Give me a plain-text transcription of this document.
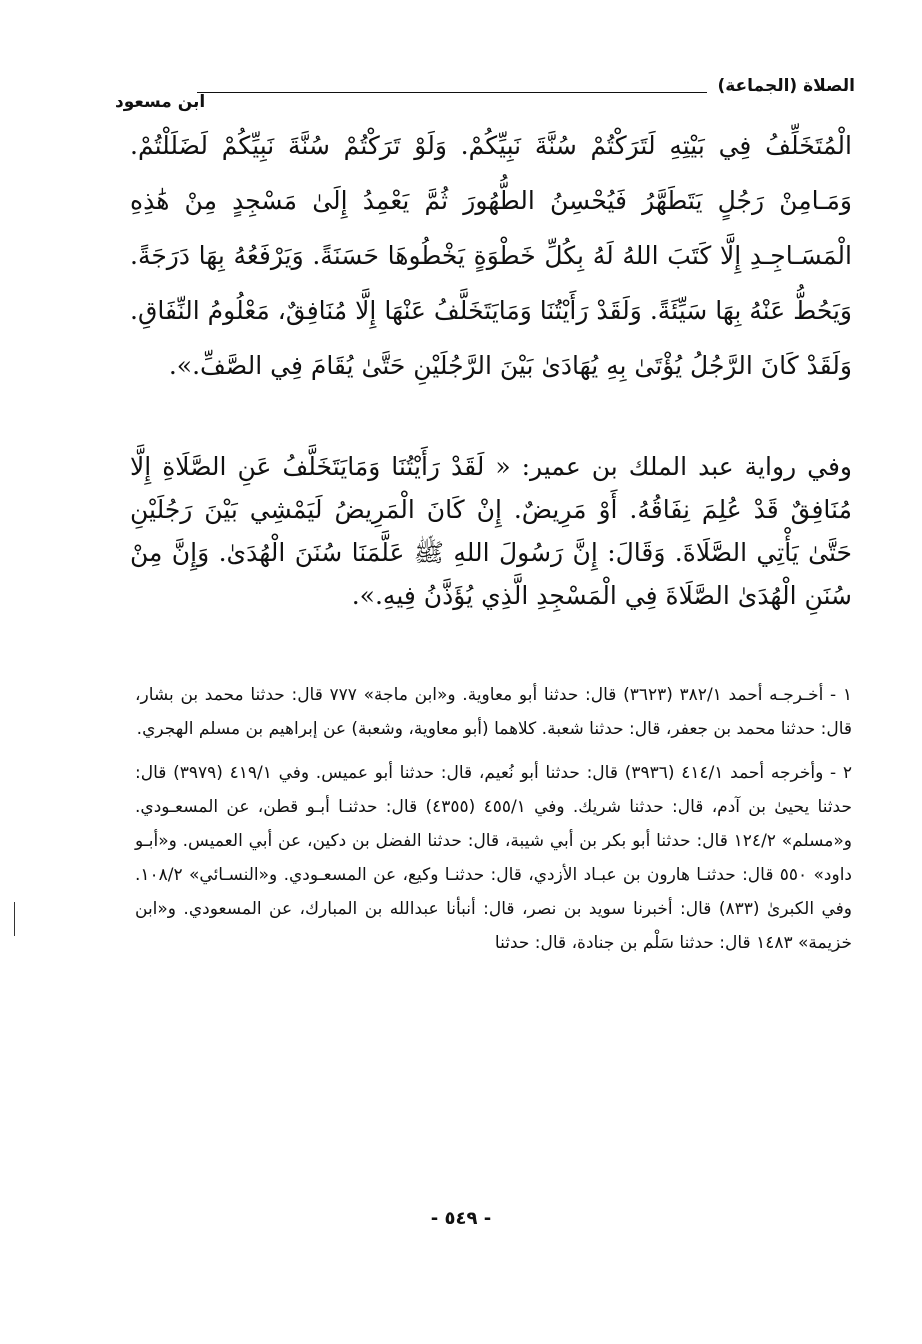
الصلاة (الجماعة)
ابن مسعود

الْمُتَخَلِّفُ فِي بَيْتِهِ لَتَرَكْتُمْ سُنَّةَ نَبِيِّكُمْ. وَلَوْ تَرَكْتُمْ سُنَّةَ نَبِيِّكُمْ لَضَلَلْتُمْ. وَمَـامِنْ رَجُلٍ يَتَطَهَّرُ فَيُحْسِنُ الطُّهُورَ ثُمَّ يَعْمِدُ إِلَىٰ مَسْجِدٍ مِنْ هَٰذِهِ الْمَسَـاجِـدِ إِلَّا كَتَبَ اللهُ لَهُ بِكُلِّ خَطْوَةٍ يَخْطُوهَا حَسَنَةً. وَيَرْفَعُهُ بِهَا دَرَجَةً. وَيَحُطُّ عَنْهُ بِهَا سَيِّئَةً. وَلَقَدْ رَأَيْتُنَا وَمَايَتَخَلَّفُ عَنْهَا إِلَّا مُنَافِقٌ، مَعْلُومُ النِّفَاقِ. وَلَقَدْ كَانَ الرَّجُلُ يُؤْتَىٰ بِهِ يُهَادَىٰ بَيْنَ الرَّجُلَيْنِ حَتَّىٰ يُقَامَ فِي الصَّفِّ.».

وفي رواية عبد الملك بن عمير: « لَقَدْ رَأَيْتُنَا وَمَايَتَخَلَّفُ عَنِ الصَّلَاةِ إِلَّا مُنَافِقٌ قَدْ عُلِمَ نِفَاقُهُ. أَوْ مَرِيضٌ. إِنْ كَانَ الْمَرِيضُ لَيَمْشِي بَيْنَ رَجُلَيْنِ حَتَّىٰ يَأْتِي الصَّلَاةَ. وَقَالَ: إِنَّ رَسُولَ اللهِ ﷺ عَلَّمَنَا سُنَنَ الْهُدَىٰ. وَإِنَّ مِنْ سُنَنِ الْهُدَىٰ الصَّلَاةَ فِي الْمَسْجِدِ الَّذِي يُؤَذَّنُ فِيهِ.».

١ - أخـرجـه أحمد ٣٨٢/١ (٣٦٢٣) قال: حدثنا أبو معاوية. و«ابن ماجة» ٧٧٧ قال: حدثنا محمد بن بشار، قال: حدثنا محمد بن جعفر، قال: حدثنا شعبة. كلاهما (أبو معاوية، وشعبة) عن إبراهيم بن مسلم الهجري.

٢ - وأخرجه أحمد ٤١٤/١ (٣٩٣٦) قال: حدثنا أبو نُعيم، قال: حدثنا أبو عميس. وفي ٤١٩/١ (٣٩٧٩) قال: حدثنا يحيىٰ بن آدم، قال: حدثنا شريك. وفي ٤٥٥/١ (٤٣٥٥) قال: حدثنـا أبـو قطن، عن المسعـودي. و«مسلم» ١٢٤/٢ قال: حدثنا أبو بكر بن أبي شيبة، قال: حدثنا الفضل بن دكين، عن أبي العميس. و«أبـو داود» ٥٥٠ قال: حدثنـا هارون بن عبـاد الأزدي، قال: حدثنـا وكيع، عن المسعـودي. و«النسـائي» ١٠٨/٢. وفي الكبرىٰ (٨٣٣) قال: أخبرنا سويد بن نصر، قال: أنبأنا عبدالله بن المبارك، عن المسعودي. و«ابن خزيمة» ١٤٨٣ قال: حدثنا سَلْم بن جنادة، قال: حدثنا

- ٥٤٩ -
